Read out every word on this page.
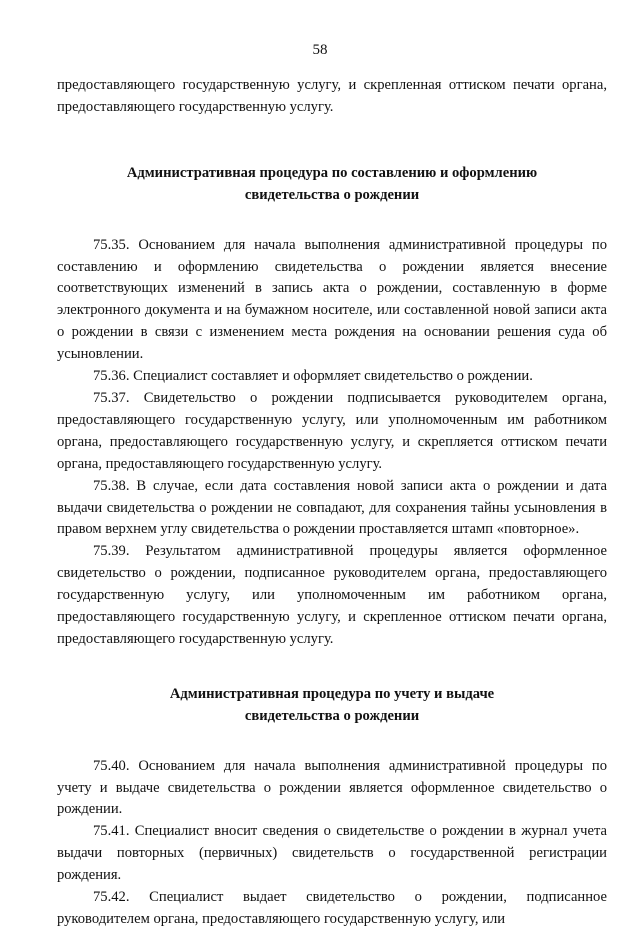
58

предоставляющего государственную услугу, и скрепленная оттиском печати органа, предоставляющего государственную услугу.

Административная процедура по составлению и оформлению

свидетельства о рождении

75.35. Основанием для начала выполнения административной процедуры по составлению и оформлению свидетельства о рождении является внесение соответствующих изменений в запись акта о рождении, составленную в форме электронного документа и на бумажном носителе, или составленной новой записи акта о рождении в связи с изменением места рождения на основании решения суда об усыновлении.

75.36. Специалист составляет и оформляет свидетельство о рождении.

75.37. Свидетельство о рождении подписывается руководителем органа, предоставляющего государственную услугу, или уполномоченным им работником органа, предоставляющего государственную услугу, и скрепляется оттиском печати органа, предоставляющего государственную услугу.

75.38. В случае, если дата составления новой записи акта о рождении и дата выдачи свидетельства о рождении не совпадают, для сохранения тайны усыновления в правом верхнем углу свидетельства о рождении проставляется штамп «повторное».

75.39. Результатом административной процедуры является оформленное свидетельство о рождении, подписанное руководителем органа, предоставляющего государственную услугу, или уполномоченным им работником органа, предоставляющего государственную услугу, и скрепленное оттиском печати органа, предоставляющего государственную услугу.

Административная процедура по учету и выдаче

свидетельства о рождении

75.40. Основанием для начала выполнения административной процедуры по учету и выдаче свидетельства о рождении является оформленное свидетельство о рождении.

75.41. Специалист вносит сведения о свидетельстве о рождении в журнал учета выдачи повторных (первичных) свидетельств о государственной регистрации рождения.

75.42. Специалист выдает свидетельство о рождении, подписанное руководителем органа, предоставляющего государственную услугу, или
